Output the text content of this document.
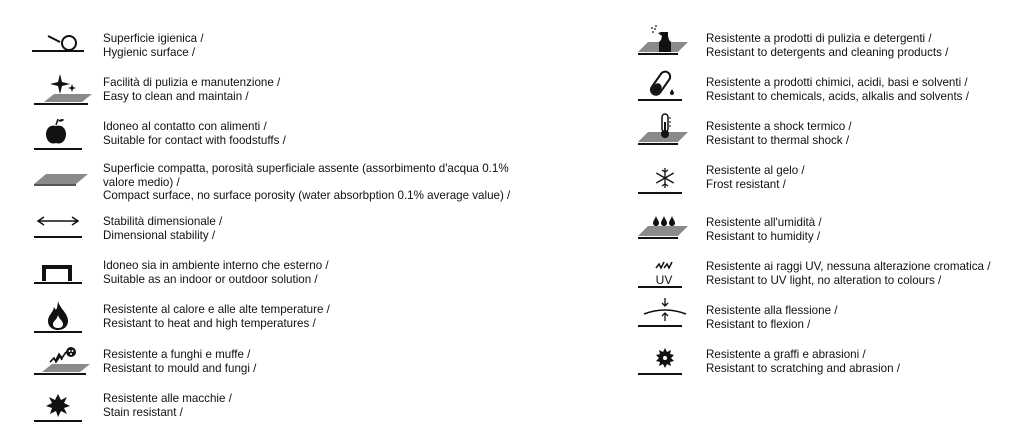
Superficie igienica /
Hygienic surface /
Facilità di pulizia e manutenzione /
Easy to clean and maintain /
Idoneo al contatto con alimenti /
Suitable for contact with foodstuffs /
Superficie compatta, porosità superficiale assente (assorbimento d'acqua 0.1%
valore medio) /
Compact surface, no surface porosity (water absorbption 0.1% average value) /
Stabilità dimensionale /
Dimensional stability /
Idoneo sia in ambiente interno che esterno /
Suitable as an indoor or outdoor solution /
Resistente al calore e alle alte temperature /
Resistant to heat and high temperatures /
Resistente a funghi e muffe /
Resistant to mould and fungi /
Resistente alle macchie /
Stain resistant /
Resistente a prodotti di pulizia e detergenti /
Resistant to detergents and cleaning products /
Resistente a prodotti chimici, acidi, basi e solventi /
Resistant to chemicals, acids, alkalis and solvents /
Resistente a shock termico /
Resistant to thermal shock /
Resistente al gelo /
Frost resistant /
Resistente all'umidità /
Resistant to humidity /
UV
Resistente ai raggi UV, nessuna alterazione cromatica /
Resistant to UV light, no alteration to colours /
Resistente alla flessione /
Resistant to flexion /
Resistente a graffi e abrasioni /
Resistant to scratching and abrasion /
